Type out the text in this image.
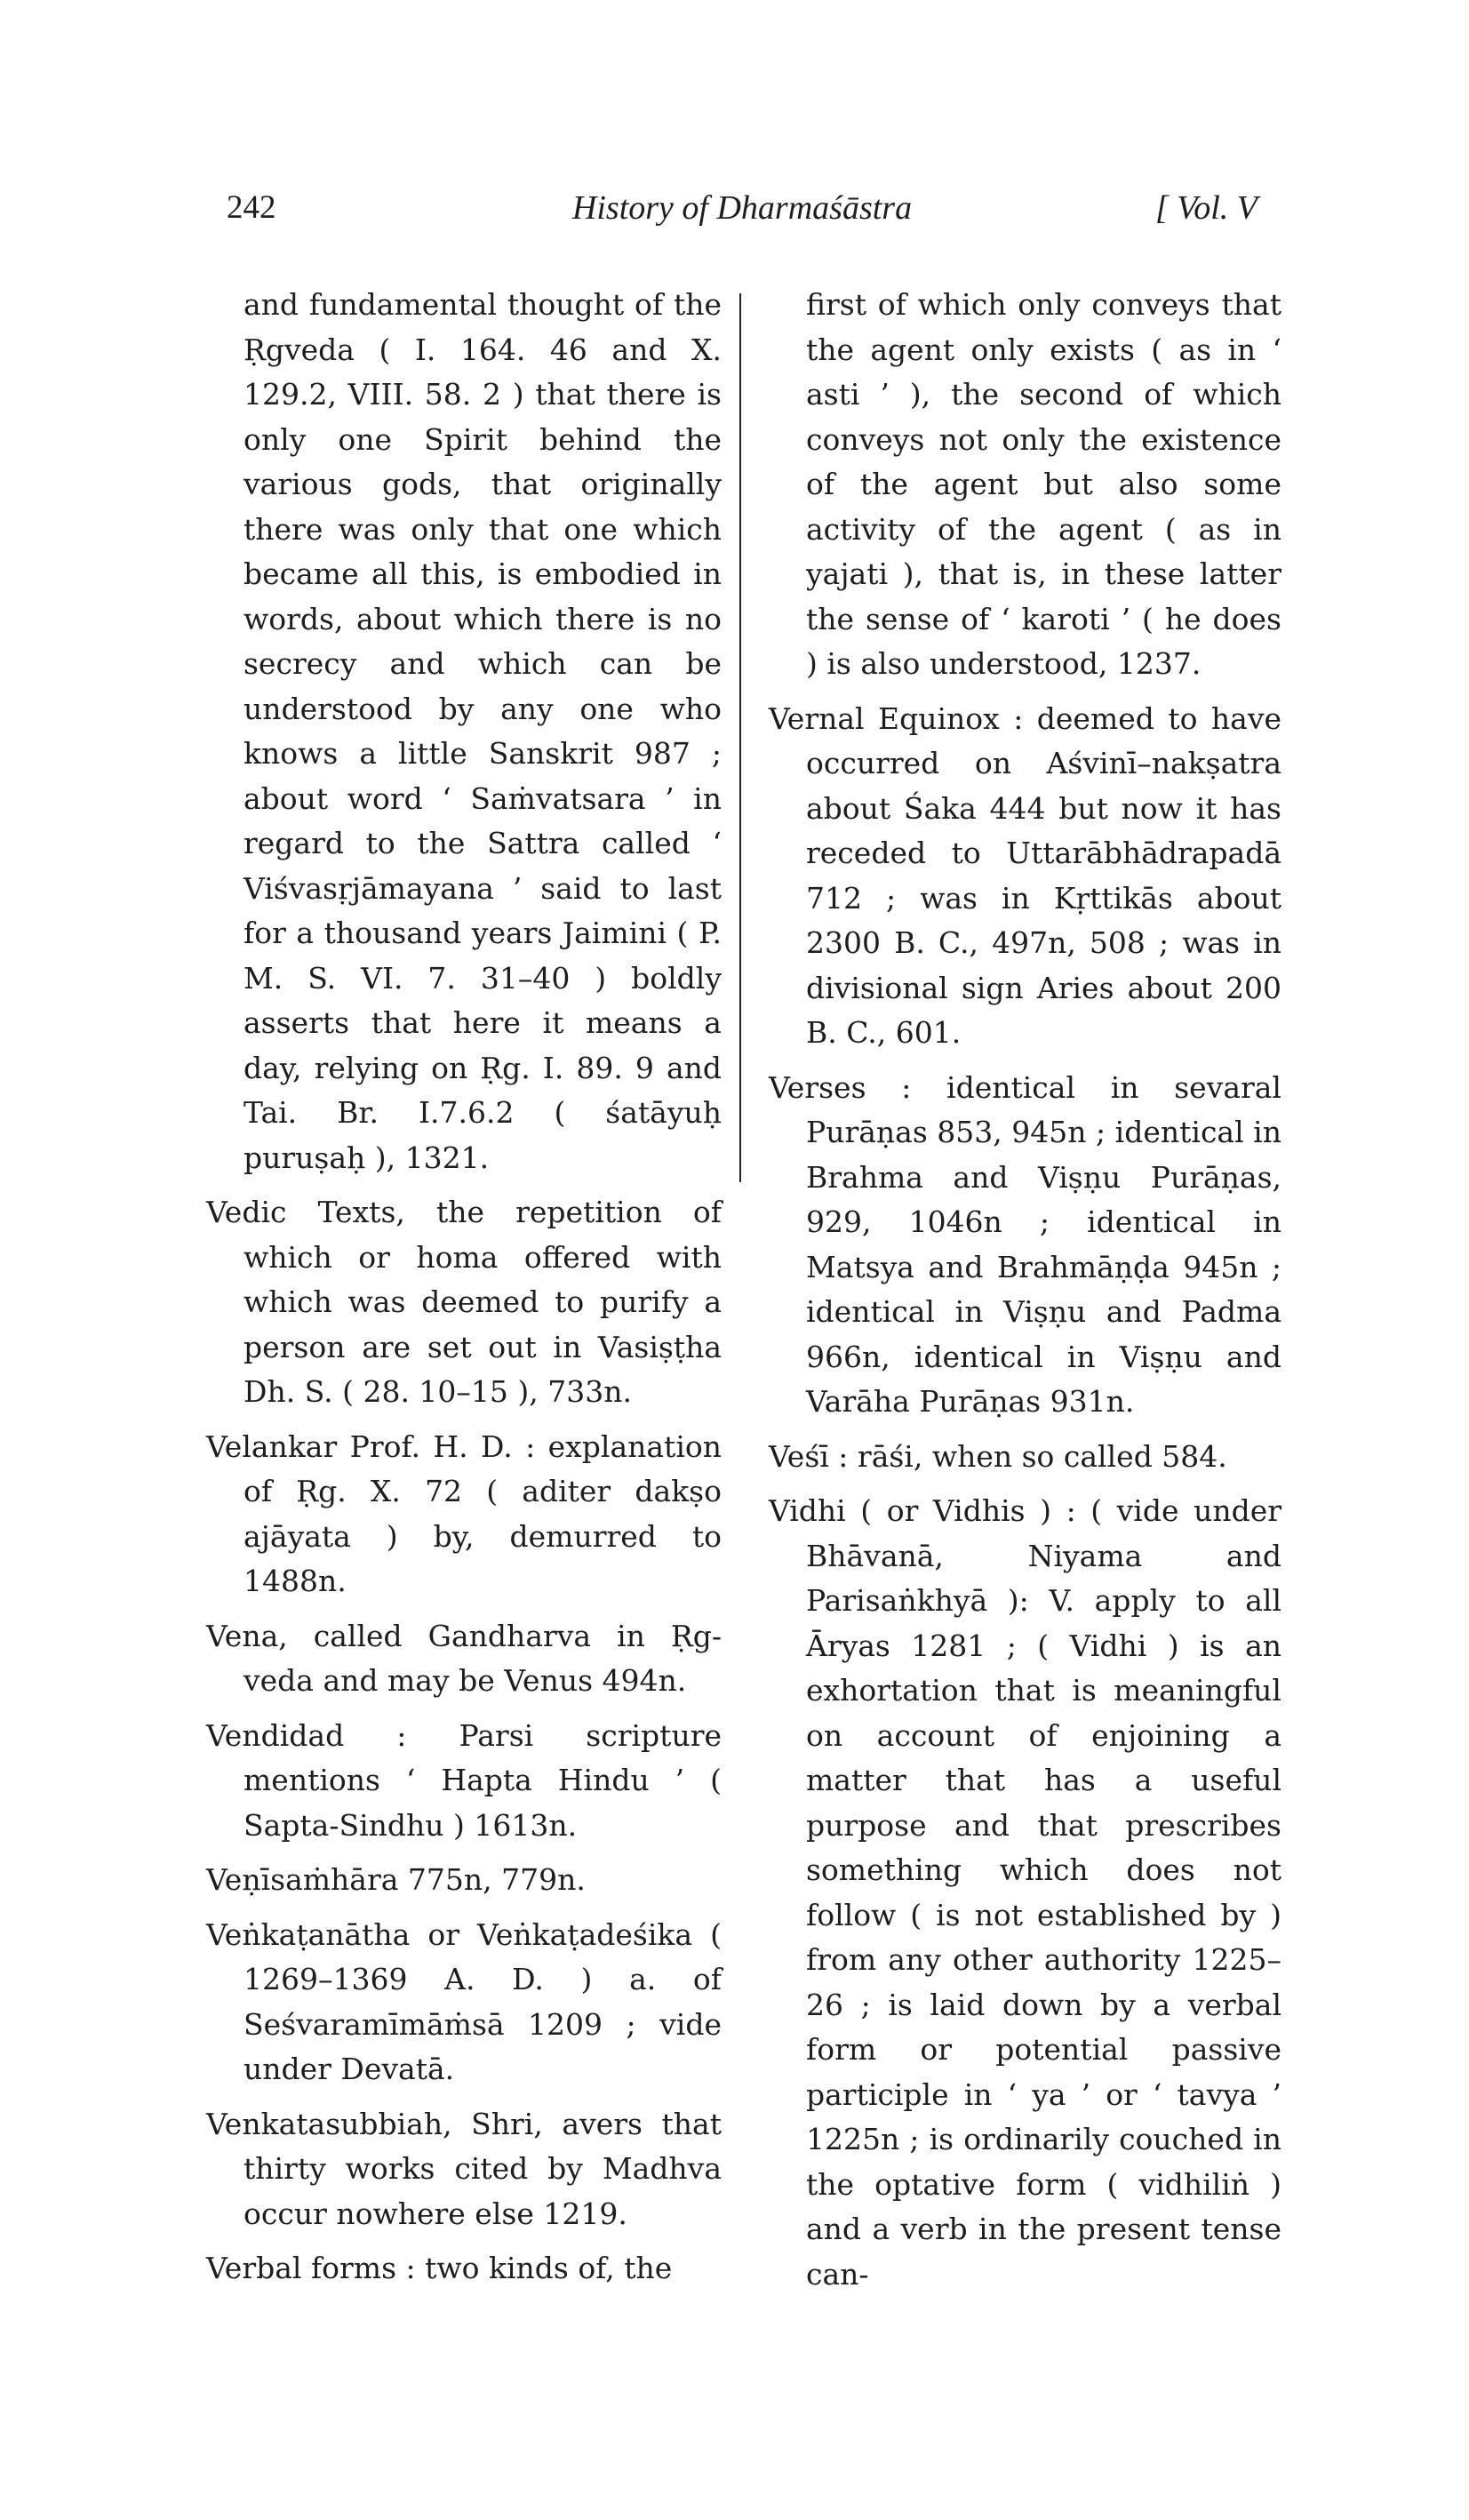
242	History of Dharmaśāstra	[ Vol. V

and fundamental thought of the Ṛgveda ( I. 164. 46 and X. 129.2, VIII. 58. 2 ) that there is only one Spirit behind the various gods, that originally there was only that one which became all this, is embodied in words, about which there is no secrecy and which can be understood by any one who knows a little Sanskrit 987 ; about word ‘ Saṁvatsara ’ in regard to the Sattra called ‘ Viśvasṛjāmayana ’ said to last for a thousand years Jaimini ( P. M. S. VI. 7. 31–40 ) boldly asserts that here it means a day, relying on Ṛg. I. 89. 9 and Tai. Br. I.7.6.2 ( śatāyuḥ puruṣaḥ ), 1321.

Vedic Texts, the repetition of which or homa offered with which was deemed to purify a person are set out in Vasiṣṭha Dh. S. ( 28. 10–15 ), 733n.

Velankar Prof. H. D. : explanation of Ṛg. X. 72 ( aditer dakṣo ajāyata ) by, demurred to 1488n.

Vena, called Gandharva in Ṛg-veda and may be Venus 494n.

Vendidad : Parsi scripture mentions ‘ Hapta Hindu ’ ( Sapta-Sindhu ) 1613n.

Veṇīsaṁhāra 775n, 779n.

Veṅkaṭanātha or Veṅkaṭadeśika ( 1269–1369 A. D. ) a. of Seśvaramīmāṁsā 1209 ; vide under Devatā.

Venkatasubbiah, Shri, avers that thirty works cited by Madhva occur nowhere else 1219.

Verbal forms : two kinds of, the

first of which only conveys that the agent only exists ( as in ‘ asti ’ ), the second of which conveys not only the existence of the agent but also some activity of the agent ( as in yajati ), that is, in these latter the sense of ‘ karoti ’ ( he does ) is also understood, 1237.

Vernal Equinox : deemed to have occurred on Aśvinī–nakṣatra about Śaka 444 but now it has receded to Uttarābhādrapadā 712 ; was in Kṛttikās about 2300 B. C., 497n, 508 ; was in divisional sign Aries about 200 B. C., 601.

Verses : identical in sevaral Purāṇas 853, 945n ; identical in Brahma and Viṣṇu Purāṇas, 929, 1046n ; identical in Matsya and Brahmāṇḍa 945n ; identical in Viṣṇu and Padma 966n, identical in Viṣṇu and Varāha Purāṇas 931n.

Veśī : rāśi, when so called 584.

Vidhi ( or Vidhis ) : ( vide under Bhāvanā, Niyama and Parisaṅkhyā ): V. apply to all Āryas 1281 ; ( Vidhi ) is an exhortation that is meaningful on account of enjoining a matter that has a useful purpose and that prescribes something which does not follow ( is not established by ) from any other authority 1225–26 ; is laid down by a verbal form or potential passive participle in ‘ ya ’ or ‘ tavya ’ 1225n ; is ordinarily couched in the optative form ( vidhiliṅ ) and a verb in the present tense can-
